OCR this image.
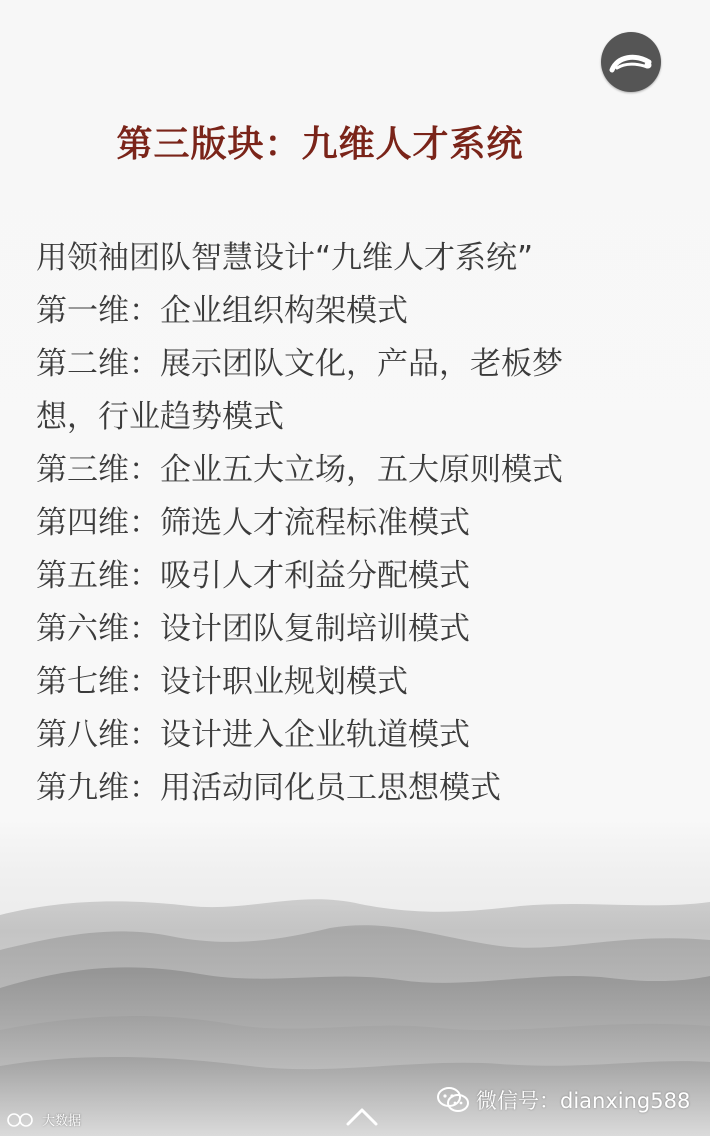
第三版块：九维人才系统
用领袖团队智慧设计“九维人才系统”
第一维：企业组织构架模式
第二维：展示团队文化，产品，老板梦
想，行业趋势模式
第三维：企业五大立场，五大原则模式
第四维：筛选人才流程标准模式
第五维：吸引人才利益分配模式
第六维：设计团队复制培训模式
第七维：设计职业规划模式
第八维：设计进入企业轨道模式
第九维：用活动同化员工思想模式
微信号：dianxing588
大数据
